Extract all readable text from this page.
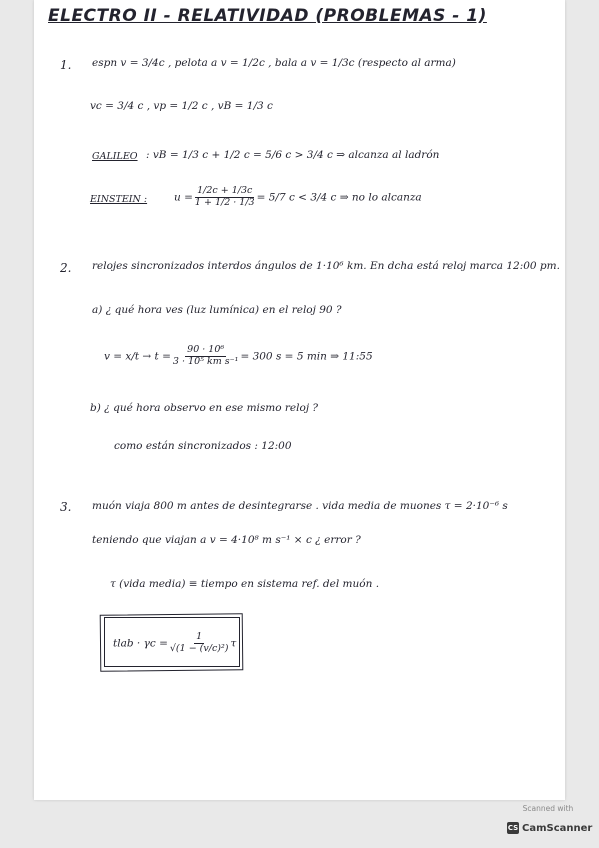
ELECTRO II - RELATIVIDAD (PROBLEMAS - 1)
1. espn v = 3/4c , pelota a v = 1/2c , bala a v = 1/3c (respecto al arma)
vc = 3/4 c , vp = 1/2 c , vB = 1/3 c
GALILEO : vB = 1/3 c + 1/2 c = 5/6 c > 3/4 c ⇒ alcanza al ladrón
EINSTEIN :	$u = \frac{1/2c + 1/3c}{1 + 1/2 \cdot 1/3} = 5/7$ c < 3/4 c ⇒ no lo alcanza
2. relojes sincronizados interdos ángulos de 1·10⁶ km. En dcha está reloj marca 12:00 pm.
a) ¿ qué hora ves (luz lumínica) en el reloj 90 ?
$v = x/t \to t = \frac{\text{90 · 10⁶}}{\text{3 · 10⁵ km s⁻¹}} = 300$ s = 5 min ⇒ 11:55
b) ¿ qué hora observo en ese mismo reloj ?
como están sincronizados : 12:00
3. muón viaja 800 m antes de desintegrarse . vida media de muones τ = 2·10⁻⁶ s
teniendo que viajan a v = 4·10⁸ m s⁻¹ × c ¿ error ?
τ (vida media) ≡ tiempo en sistema ref. del muón .
tlab · $\gamma c = \frac{1}{\text{√(1 − (v/c)²)}}$ τ
Scanned with
CS CamScanner
